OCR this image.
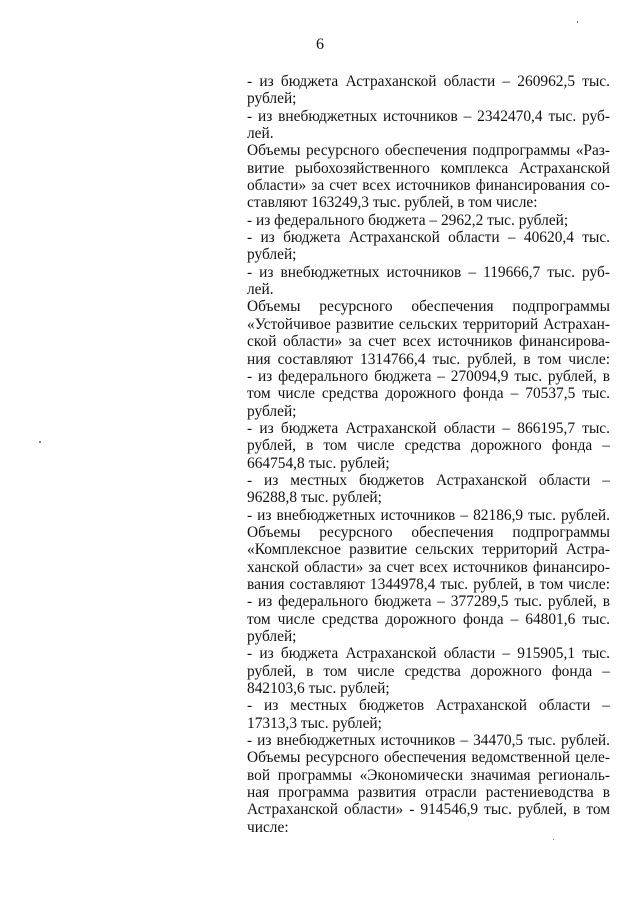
6
- из бюджета Астраханской области – 260962,5 тыс.
рублей;
- из внебюджетных источников – 2342470,4 тыс. руб-
лей.
Объемы ресурсного обеспечения подпрограммы «Раз-
витие рыбохозяйственного комплекса Астраханской
области» за счет всех источников финансирования со-
ставляют 163249,3 тыс. рублей, в том числе:
- из федерального бюджета – 2962,2 тыс. рублей;
- из бюджета Астраханской области – 40620,4 тыс.
рублей;
- из внебюджетных источников – 119666,7 тыс. руб-
лей.
Объемы ресурсного обеспечения подпрограммы
«Устойчивое развитие сельских территорий Астрахан-
ской области» за счет всех источников финансирова-
ния составляют 1314766,4 тыс. рублей, в том числе:
- из федерального бюджета – 270094,9 тыс. рублей, в
том числе средства дорожного фонда – 70537,5 тыс.
рублей;
- из бюджета Астраханской области – 866195,7 тыс.
рублей, в том числе средства дорожного фонда –
664754,8 тыс. рублей;
- из местных бюджетов Астраханской области –
96288,8 тыс. рублей;
- из внебюджетных источников – 82186,9 тыс. рублей.
Объемы ресурсного обеспечения подпрограммы
«Комплексное развитие сельских территорий Астра-
ханской области» за счет всех источников финансиро-
вания составляют 1344978,4 тыс. рублей, в том числе:
- из федерального бюджета – 377289,5 тыс. рублей, в
том числе средства дорожного фонда – 64801,6 тыс.
рублей;
- из бюджета Астраханской области – 915905,1 тыс.
рублей, в том числе средства дорожного фонда –
842103,6 тыс. рублей;
- из местных бюджетов Астраханской области –
17313,3 тыс. рублей;
- из внебюджетных источников – 34470,5 тыс. рублей.
Объемы ресурсного обеспечения ведомственной целе-
вой программы «Экономически значимая региональ-
ная программа развития отрасли растениеводства в
Астраханской области» - 914546,9 тыс. рублей, в том
числе:
